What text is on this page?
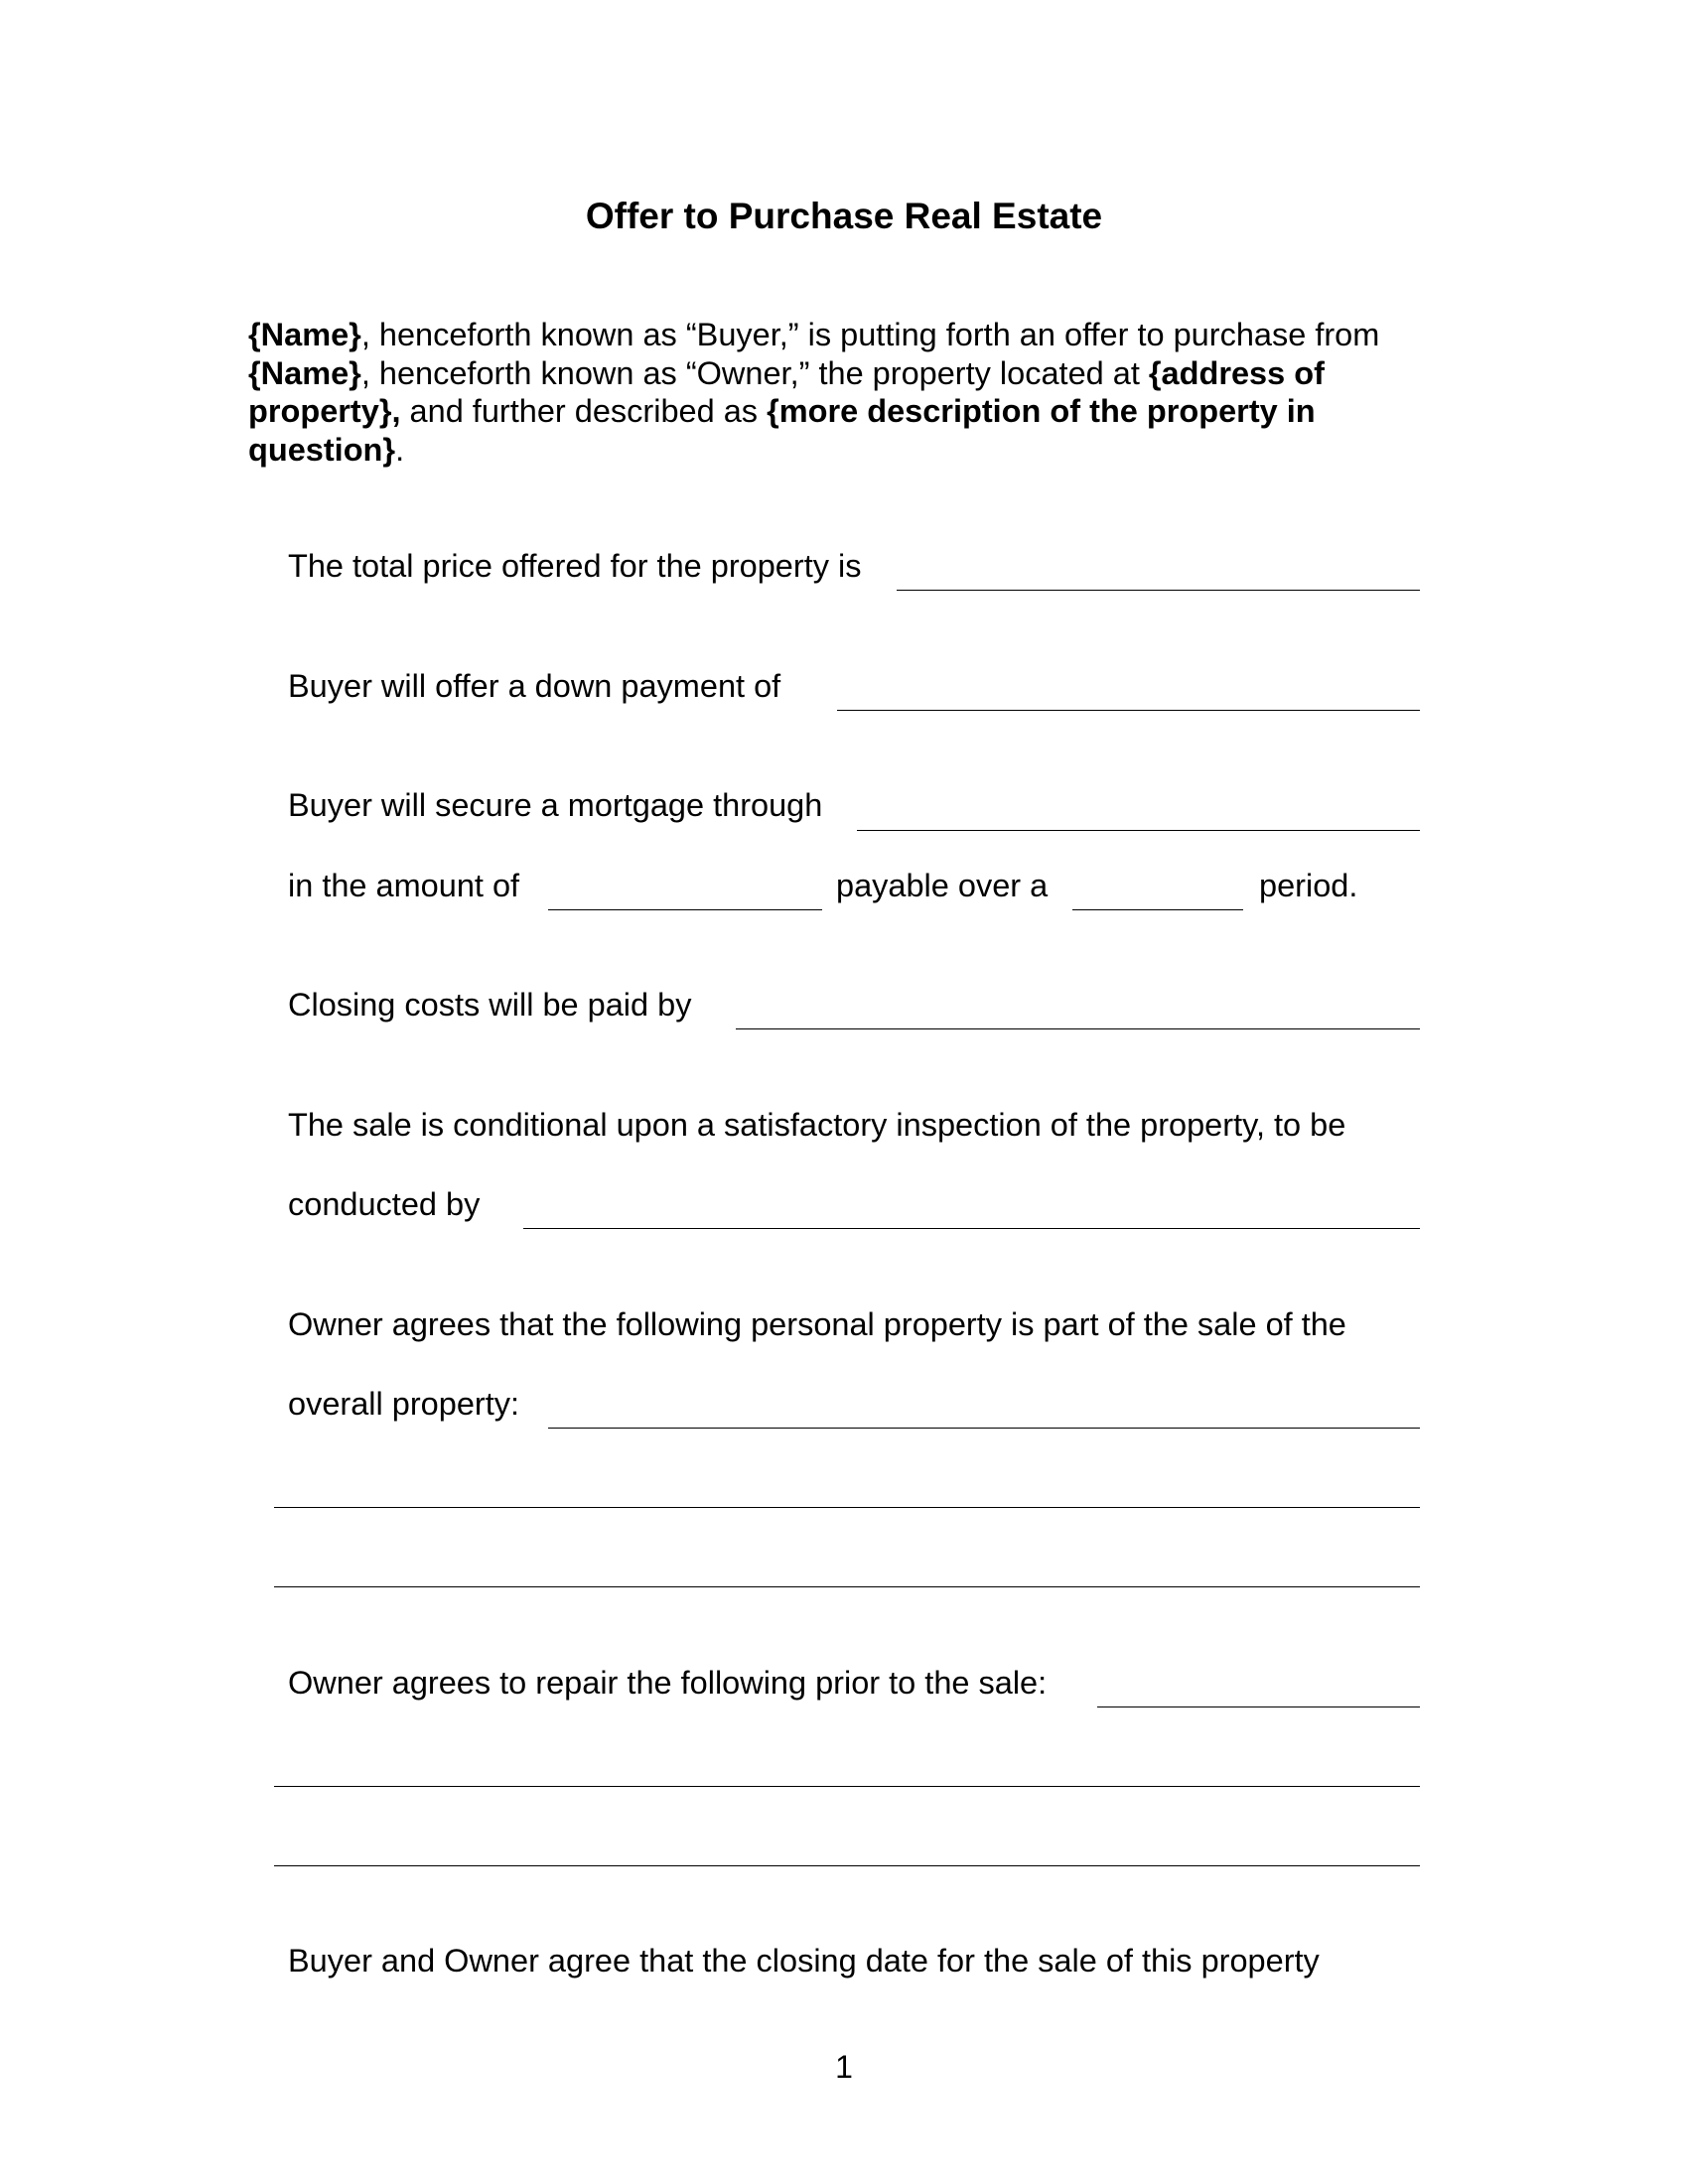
Offer to Purchase Real Estate
{Name}, henceforth known as “Buyer,” is putting forth an offer to purchase from
{Name}, henceforth known as “Owner,” the property located at {address of property}, and further described as {more description of the property in question}.
The total price offered for the property is
Buyer will offer a down payment of
Buyer will secure a mortgage through
in the amount of	payable over a	period.
Closing costs will be paid by
The sale is conditional upon a satisfactory inspection of the property, to be
conducted by
Owner agrees that the following personal property is part of the sale of the
overall property:
Owner agrees to repair the following prior to the sale:
Buyer and Owner agree that the closing date for the sale of this property
1
